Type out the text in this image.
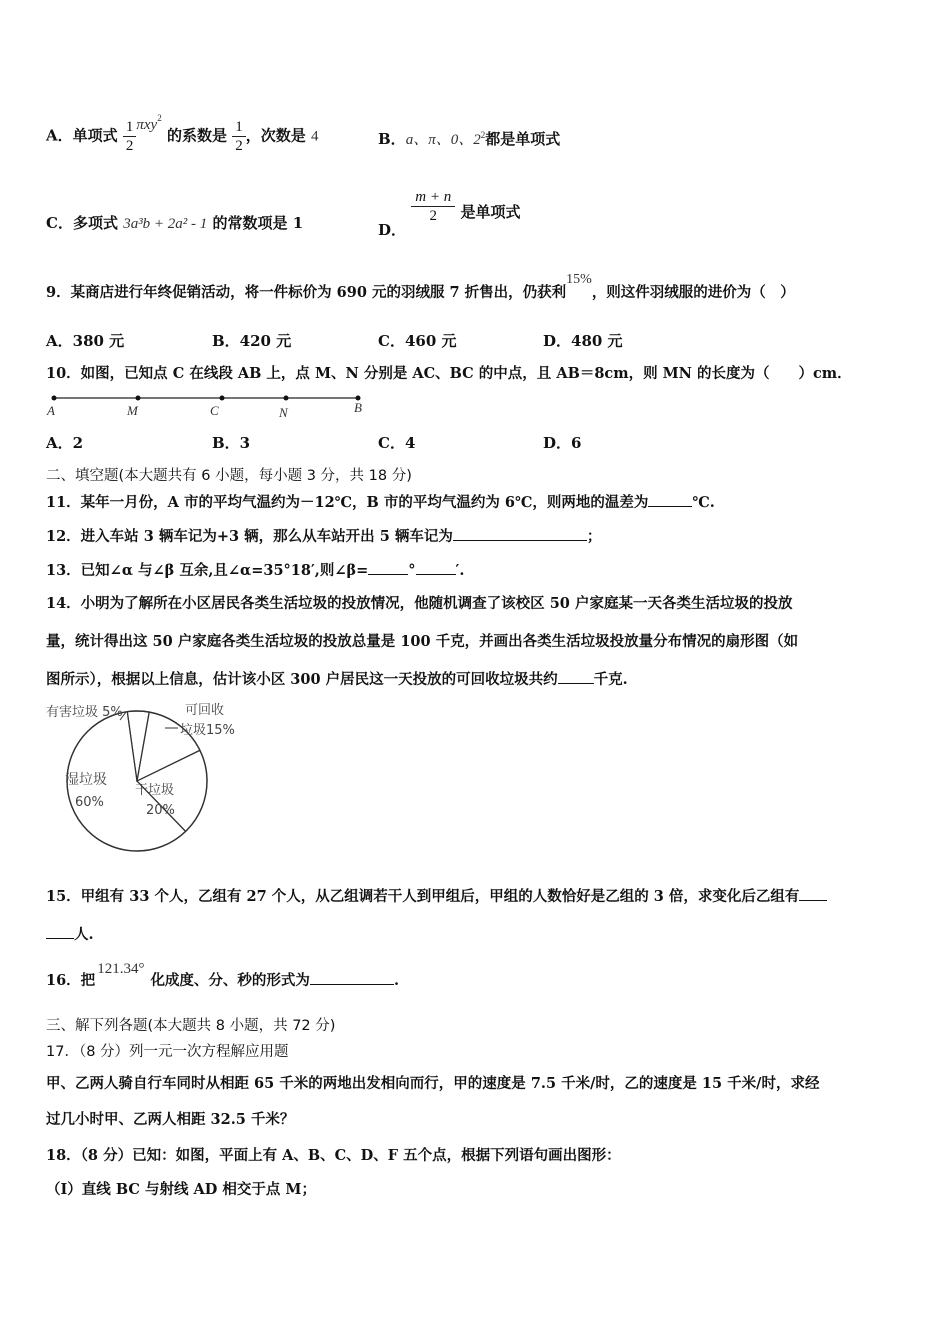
A．单项式 $\frac{1}{2} \pi xy^2$ 的系数是 $\frac{1}{2}$ ，次数是 4	B．a、π、0、$2^2$都是单项式
C．多项式 3a³b + 2a² - 1 的常数项是 1	D．
$\frac{m + n}{2}$ 是单项式
9．某商店进行年终促销活动，将一件标价为 690 元的羽绒服 7 折售出，仍获利15%，则这件羽绒服的进价为（　）
A．380 元	B．420 元	C．460 元	D．480 元
10．如图，已知点 C 在线段 AB 上，点 M、N 分别是 AC、BC 的中点，且 AB＝8cm，则 MN 的长度为（　　）cm．
A	M	C	N	B
A．2	B．3	C．4	D．6
二、填空题(本大题共有 6 小题，每小题 3 分，共 18 分)
11．某年一月份，A 市的平均气温约为－12℃，B 市的平均气温约为 6℃，则两地的温差为	℃.
12．进入车站 3 辆车记为+3 辆，那么从车站开出 5 辆车记为	；
13．已知∠α 与∠β 互余,且∠α=35°18′,则∠β=	°	′.
14．小明为了解所在小区居民各类生活垃圾的投放情况，他随机调查了该校区 50 户家庭某一天各类生活垃圾的投放
量，统计得出这 50 户家庭各类生活垃圾的投放总量是 100 千克，并画出各类生活垃圾投放量分布情况的扇形图（如
图所示），根据以上信息，估计该小区 300 户居民这一天投放的可回收垃圾共约 千克.
有害垃圾 5%	可回收
垃圾15%
湿垃圾
60%
干垃圾
20%
15．甲组有 33 个人，乙组有 27 个人，从乙组调若干人到甲组后，甲组的人数恰好是乙组的 3 倍，求变化后乙组有
人.
16．把121.34°化成度、分、秒的形式为	.
三、解下列各题(本大题共 8 小题，共 72 分)
17．（8 分）列一元一次方程解应用题
甲、乙两人骑自行车同时从相距 65 千米的两地出发相向而行，甲的速度是 7.5 千米/时，乙的速度是 15 千米/时，求经
过几小时甲、乙两人相距 32.5 千米？
18．（8 分）已知：如图，平面上有 A、B、C、D、F 五个点，根据下列语句画出图形：
（Ⅰ）直线 BC 与射线 AD 相交于点 M；
